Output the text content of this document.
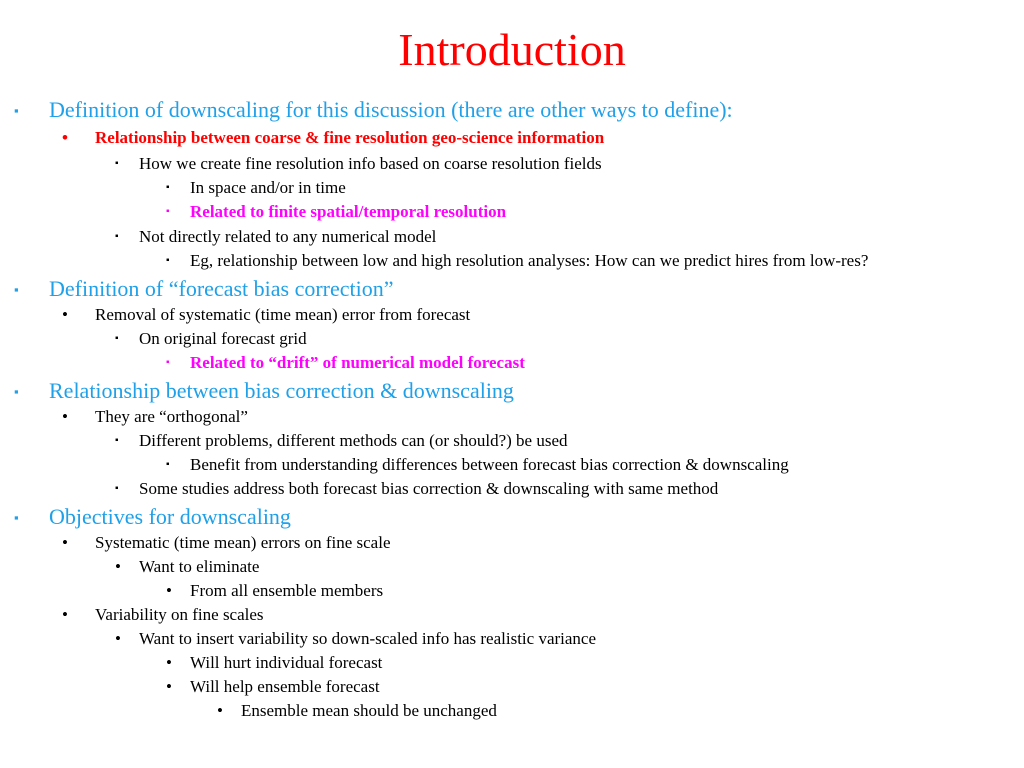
Introduction
▪ Definition of downscaling for this discussion (there are other ways to define):
• Relationship between coarse & fine resolution geo-science information
▪ How we create fine resolution info based on coarse resolution fields
▪ In space and/or in time
▪ Related to finite spatial/temporal resolution
▪ Not directly related to any numerical model
▪ Eg, relationship between low and high resolution analyses: How can we predict hires from low-res?
▪ Definition of “forecast bias correction”
• Removal of systematic (time mean) error from forecast
▪ On original forecast grid
▪ Related to “drift” of numerical model forecast
▪ Relationship between bias correction & downscaling
• They are “orthogonal”
▪ Different problems, different methods can (or should?) be used
▪ Benefit from understanding differences between forecast bias correction & downscaling
▪ Some studies address both forecast bias correction & downscaling with same method
▪ Objectives for downscaling
• Systematic (time mean) errors on fine scale
• Want to eliminate
• From all ensemble members
• Variability on fine scales
• Want to insert variability so down-scaled info has realistic variance
• Will hurt individual forecast
• Will help ensemble forecast
• Ensemble mean should be unchanged
